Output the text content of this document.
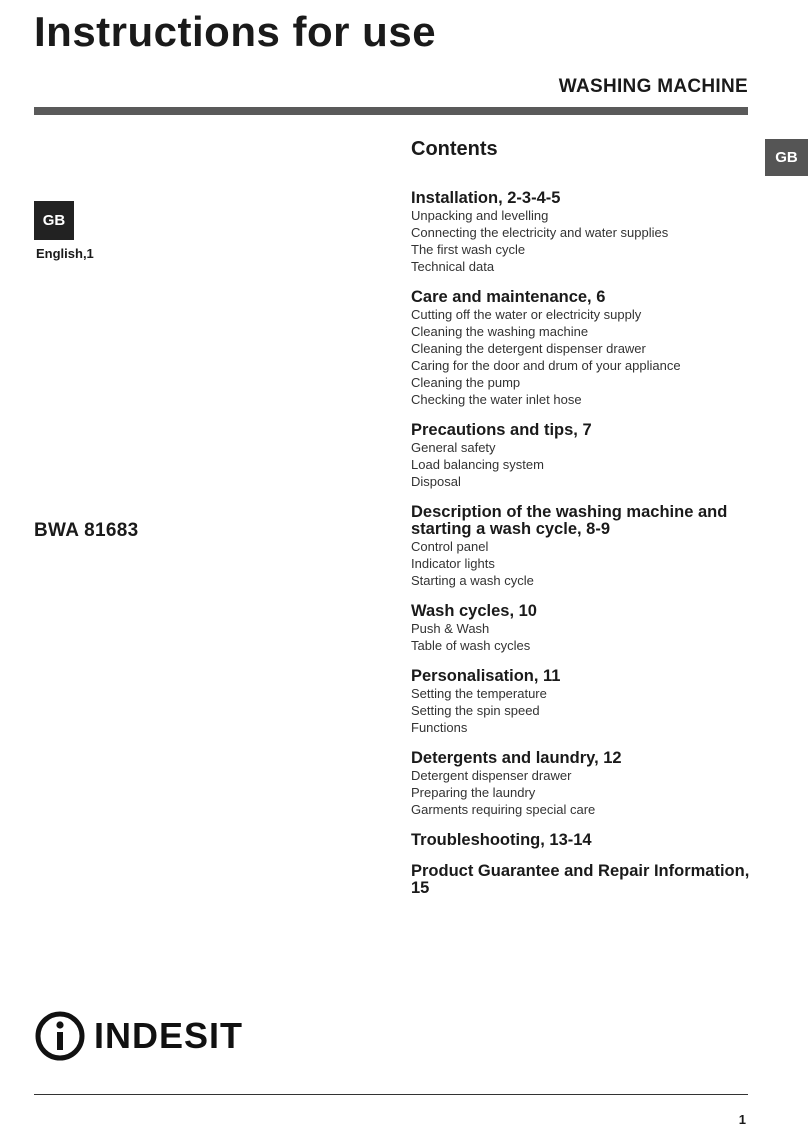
Instructions for use
WASHING MACHINE
GB
GB
English,1
BWA 81683
Contents
Installation, 2-3-4-5
Unpacking and levelling
Connecting the electricity and water supplies
The first wash cycle
Technical data
Care and maintenance, 6
Cutting off the water or electricity supply
Cleaning the washing machine
Cleaning the detergent dispenser drawer
Caring for the door and drum of your appliance
Cleaning the pump
Checking the water inlet hose
Precautions and tips, 7
General safety
Load balancing system
Disposal
Description of the washing machine and starting a wash cycle, 8-9
Control panel
Indicator lights
Starting a wash cycle
Wash cycles, 10
Push & Wash
Table of wash cycles
Personalisation, 11
Setting the temperature
Setting the spin speed
Functions
Detergents and laundry, 12
Detergent dispenser drawer
Preparing the laundry
Garments requiring special care
Troubleshooting, 13-14
Product Guarantee and Repair Information, 15
INDESIT
1
